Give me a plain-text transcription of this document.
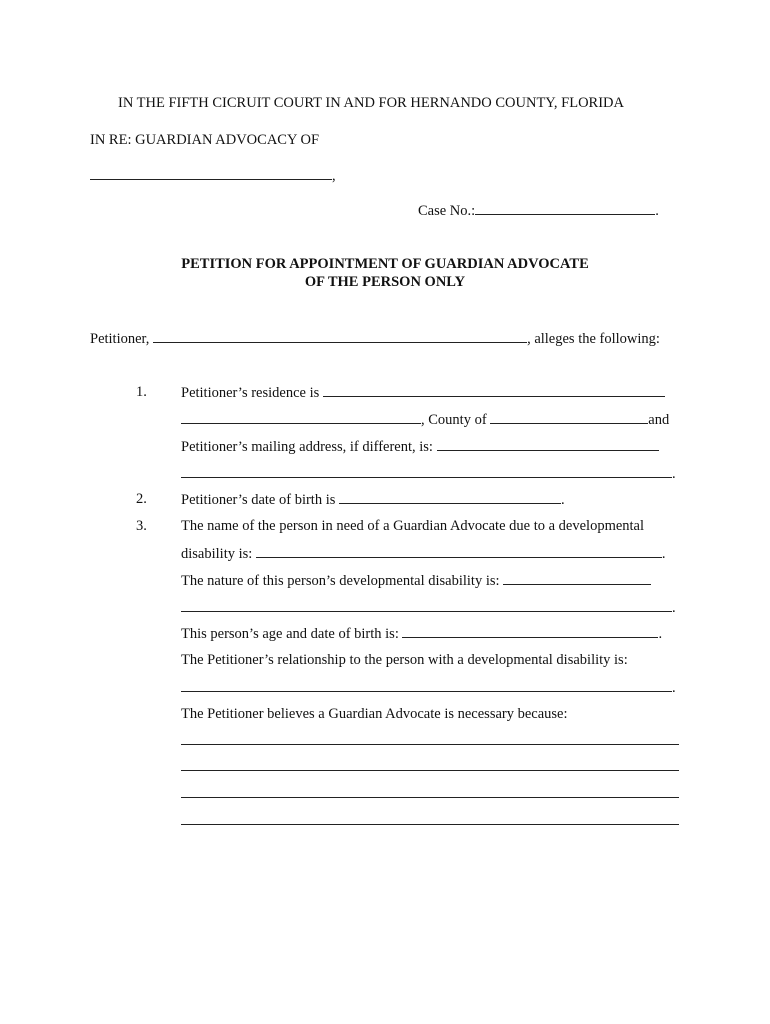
IN THE FIFTH CICRUIT COURT IN AND FOR HERNANDO COUNTY, FLORIDA
IN RE: GUARDIAN ADVOCACY OF
,
Case No.:	.
PETITION FOR APPOINTMENT OF GUARDIAN ADVOCATE
OF THE PERSON ONLY
Petitioner,	, alleges the following:
1. Petitioner’s residence is
, County of	and
Petitioner’s mailing address, if different, is:
.
2. Petitioner’s date of birth is	.
3. The name of the person in need of a Guardian Advocate due to a developmental
disability is:	.
The nature of this person’s developmental disability is:
.
This person’s age and date of birth is:	.
The Petitioner’s relationship to the person with a developmental disability is:
.
The Petitioner believes a Guardian Advocate is necessary because:
